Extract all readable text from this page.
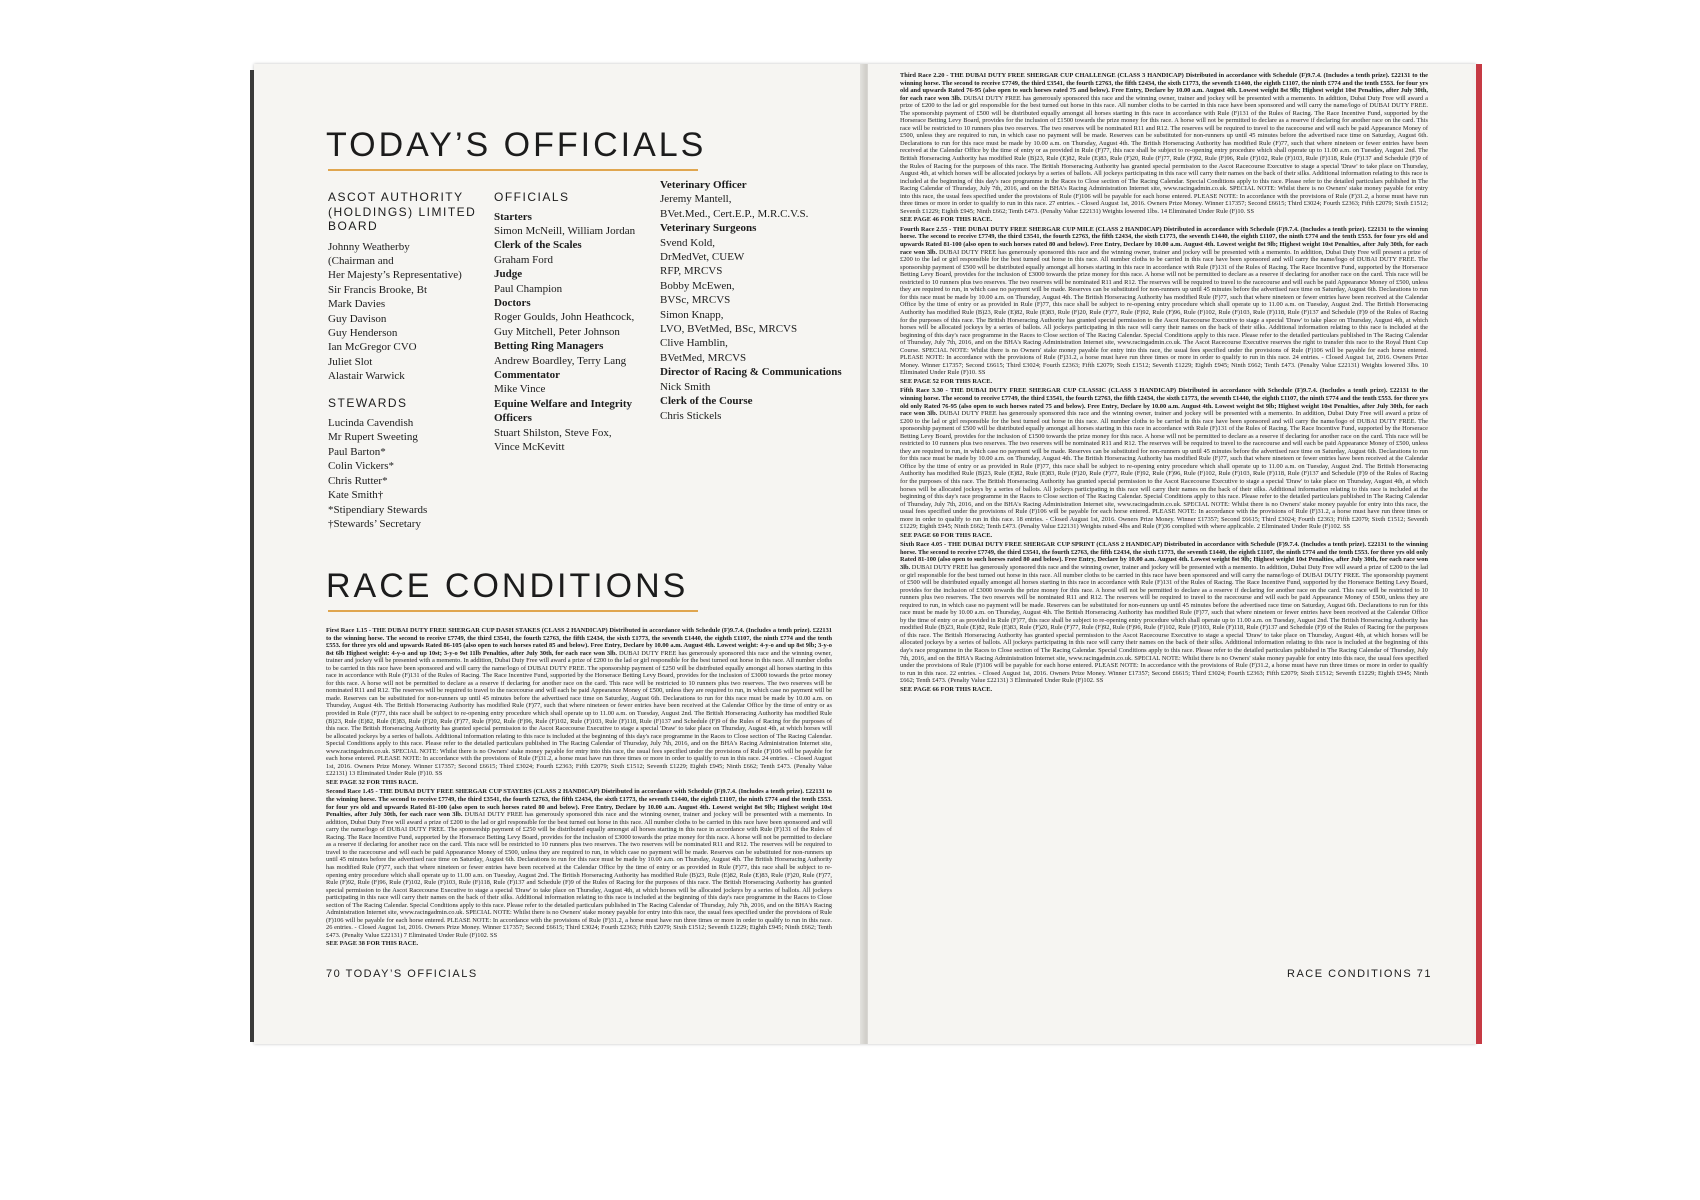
TODAY’S OFFICIALS
ASCOT AUTHORITY (HOLDINGS) LIMITED BOARD
Johnny Weatherby
(Chairman and
Her Majesty’s Representative)
Sir Francis Brooke, Bt
Mark Davies
Guy Davison
Guy Henderson
Ian McGregor CVO
Juliet Slot
Alastair Warwick
STEWARDS
Lucinda Cavendish
Mr Rupert Sweeting
Paul Barton*
Colin Vickers*
Chris Rutter*
Kate Smith†
*Stipendiary Stewards
†Stewards’ Secretary
OFFICIALS
Starters
Simon McNeill, William Jordan
Clerk of the Scales
Graham Ford
Judge
Paul Champion
Doctors
Roger Goulds, John Heathcock,
Guy Mitchell, Peter Johnson
Betting Ring Managers
Andrew Boardley, Terry Lang
Commentator
Mike Vince
Equine Welfare and Integrity Officers
Stuart Shilston, Steve Fox,
Vince McKevitt
Veterinary Officer
Jeremy Mantell,
BVet.Med., Cert.E.P., M.R.C.V.S.
Veterinary Surgeons
Svend Kold,
DrMedVet, CUEW
RFP, MRCVS
Bobby McEwen,
BVSc, MRCVS
Simon Knapp,
LVO, BVetMed, BSc, MRCVS
Clive Hamblin,
BVetMed, MRCVS
Director of Racing & Communications
Nick Smith
Clerk of the Course
Chris Stickels
RACE CONDITIONS

First Race 1.15 - THE DUBAI DUTY FREE SHERGAR CUP DASH STAKES (CLASS 2 HANDICAP) Distributed in accordance with Schedule (F)9.7.4. (Includes a tenth prize). £22131 to the winning horse. The second to receive £7749, the third £3541, the fourth £2763, the fifth £2434, the sixth £1773, the seventh £1440, the eighth £1107, the ninth £774 and the tenth £553. for three yrs old and upwards Rated 86-105 (also open to such horses rated 85 and below). Free Entry, Declare by 10.00 a.m. August 4th. Lowest weight: 4-y-o and up 8st 9lb; 3-y-o 8st 6lb Highest weight: 4-y-o and up 10st; 3-y-o 9st 11lb Penalties, after July 30th, for each race won 3lb. DUBAI DUTY FREE has generously sponsored this race and the winning owner, trainer and jockey will be presented with a memento. In addition, Dubai Duty Free will award a prize of £200 to the lad or girl responsible for the best turned out horse in this race. All number cloths to be carried in this race have been sponsored and will carry the name/logo of DUBAI DUTY FREE. The sponsorship payment of £250 will be distributed equally amongst all horses starting in this race in accordance with Rule (F)131 of the Rules of Racing. The Race Incentive Fund, supported by the Horserace Betting Levy Board, provides for the inclusion of £3000 towards the prize money for this race. A horse will not be permitted to declare as a reserve if declaring for another race on the card. This race will be restricted to 10 runners plus two reserves. The two reserves will be nominated R11 and R12. The reserves will be required to travel to the racecourse and will each be paid Appearance Money of £500, unless they are required to run, in which case no payment will be made. Reserves can be substituted for non-runners up until 45 minutes before the advertised race time on Saturday, August 6th. Declarations to run for this race must be made by 10.00 a.m. on Thursday, August 4th. The British Horseracing Authority has modified Rule (F)77, such that where nineteen or fewer entries have been received at the Calendar Office by the time of entry or as provided in Rule (F)77, this race shall be subject to re-opening entry procedure which shall operate up to 11.00 a.m. on Tuesday, August 2nd. The British Horseracing Authority has modified Rule (B)23, Rule (E)82, Rule (E)83, Rule (F)20, Rule (F)77, Rule (F)92, Rule (F)96, Rule (F)102, Rule (F)103, Rule (F)118, Rule (F)137 and Schedule (F)9 of the Rules of Racing for the purposes of this race. The British Horseracing Authority has granted special permission to the Ascot Racecourse Executive to stage a special 'Draw' to take place on Thursday, August 4th, at which horses will be allocated jockeys by a series of ballots. Additional information relating to this race is included at the beginning of this day's race programme in the Races to Close section of The Racing Calendar. Special Conditions apply to this race. Please refer to the detailed particulars published in The Racing Calendar of Thursday, July 7th, 2016, and on the BHA's Racing Administration Internet site, www.racingadmin.co.uk. SPECIAL NOTE: Whilst there is no Owners' stake money payable for entry into this race, the usual fees specified under the provisions of Rule (F)106 will be payable for each horse entered. PLEASE NOTE: In accordance with the provisions of Rule (F)31.2, a horse must have run three times or more in order to qualify to run in this race. 24 entries. - Closed August 1st, 2016. Owners Prize Money. Winner £17357; Second £6615; Third £3024; Fourth £2363; Fifth £2079; Sixth £1512; Seventh £1229; Eighth £945; Ninth £662; Tenth £473. (Penalty Value £22131) 13 Eliminated Under Rule (F)10. SS

SEE PAGE 32 FOR THIS RACE.

Second Race 1.45 - THE DUBAI DUTY FREE SHERGAR CUP STAYERS (CLASS 2 HANDICAP) Distributed in accordance with Schedule (F)9.7.4. (Includes a tenth prize). £22131 to the winning horse. The second to receive £7749, the third £3541, the fourth £2763, the fifth £2434, the sixth £1773, the seventh £1440, the eighth £1107, the ninth £774 and the tenth £553. for four yrs old and upwards Rated 81-100 (also open to such horses rated 80 and below). Free Entry, Declare by 10.00 a.m. August 4th. Lowest weight 8st 9lb; Highest weight 10st Penalties, after July 30th, for each race won 3lb. DUBAI DUTY FREE has generously sponsored this race and the winning owner, trainer and jockey will be presented with a memento. In addition, Dubai Duty Free will award a prize of £200 to the lad or girl responsible for the best turned out horse in this race. All number cloths to be carried in this race have been sponsored and will carry the name/logo of DUBAI DUTY FREE. The sponsorship payment of £250 will be distributed equally amongst all horses starting in this race in accordance with Rule (F)131 of the Rules of Racing. The Race Incentive Fund, supported by the Horserace Betting Levy Board, provides for the inclusion of £3000 towards the prize money for this race. A horse will not be permitted to declare as a reserve if declaring for another race on the card. This race will be restricted to 10 runners plus two reserves. The two reserves will be nominated R11 and R12. The reserves will be required to travel to the racecourse and will each be paid Appearance Money of £500, unless they are required to run, in which case no payment will be made. Reserves can be substituted for non-runners up until 45 minutes before the advertised race time on Saturday, August 6th. Declarations to run for this race must be made by 10.00 a.m. on Thursday, August 4th. The British Horseracing Authority has modified Rule (F)77, such that where nineteen or fewer entries have been received at the Calendar Office by the time of entry or as provided in Rule (F)77, this race shall be subject to re-opening entry procedure which shall operate up to 11.00 a.m. on Tuesday, August 2nd. The British Horseracing Authority has modified Rule (B)23, Rule (E)82, Rule (E)83, Rule (F)20, Rule (F)77, Rule (F)92, Rule (F)96, Rule (F)102, Rule (F)103, Rule (F)118, Rule (F)137 and Schedule (F)9 of the Rules of Racing for the purposes of this race. The British Horseracing Authority has granted special permission to the Ascot Racecourse Executive to stage a special 'Draw' to take place on Thursday, August 4th, at which horses will be allocated jockeys by a series of ballots. All jockeys participating in this race will carry their names on the back of their silks. Additional information relating to this race is included at the beginning of this day's race programme in the Races to Close section of The Racing Calendar. Special Conditions apply to this race. Please refer to the detailed particulars published in The Racing Calendar of Thursday, July 7th, 2016, and on the BHA's Racing Administration Internet site, www.racingadmin.co.uk. SPECIAL NOTE: Whilst there is no Owners' stake money payable for entry into this race, the usual fees specified under the provisions of Rule (F)106 will be payable for each horse entered. PLEASE NOTE: In accordance with the provisions of Rule (F)31.2, a horse must have run three times or more in order to qualify to run in this race. 26 entries. - Closed August 1st, 2016. Owners Prize Money. Winner £17357; Second £6615; Third £3024; Fourth £2363; Fifth £2079; Sixth £1512; Seventh £1229; Eighth £945; Ninth £662; Tenth £473. (Penalty Value £22131) 7 Eliminated Under Rule (F)102. SS

SEE PAGE 38 FOR THIS RACE.
70 TODAY’S OFFICIALS

Third Race 2.20 - THE DUBAI DUTY FREE SHERGAR CUP CHALLENGE (CLASS 3 HANDICAP) Distributed in accordance with Schedule (F)9.7.4. (Includes a tenth prize). £22131 to the winning horse. The second to receive £7749, the third £3541, the fourth £2763, the fifth £2434, the sixth £1773, the seventh £1440, the eighth £1107, the ninth £774 and the tenth £553. for four yrs old and upwards Rated 76-95 (also open to such horses rated 75 and below). Free Entry, Declare by 10.00 a.m. August 4th. Lowest weight 8st 9lb; Highest weight 10st Penalties, after July 30th, for each race won 3lb. DUBAI DUTY FREE has generously sponsored this race and the winning owner, trainer and jockey will be presented with a memento. In addition, Dubai Duty Free will award a prize of £200 to the lad or girl responsible for the best turned out horse in this race. All number cloths to be carried in this race have been sponsored and will carry the name/logo of DUBAI DUTY FREE. The sponsorship payment of £500 will be distributed equally amongst all horses starting in this race in accordance with Rule (F)131 of the Rules of Racing. The Race Incentive Fund, supported by the Horserace Betting Levy Board, provides for the inclusion of £1500 towards the prize money for this race. A horse will not be permitted to declare as a reserve if declaring for another race on the card. This race will be restricted to 10 runners plus two reserves. The two reserves will be nominated R11 and R12. The reserves will be required to travel to the racecourse and will each be paid Appearance Money of £500, unless they are required to run, in which case no payment will be made. Reserves can be substituted for non-runners up until 45 minutes before the advertised race time on Saturday, August 6th. Declarations to run for this race must be made by 10.00 a.m. on Thursday, August 4th. The British Horseracing Authority has modified Rule (F)77, such that where nineteen or fewer entries have been received at the Calendar Office by the time of entry or as provided in Rule (F)77, this race shall be subject to re-opening entry procedure which shall operate up to 11.00 a.m. on Tuesday, August 2nd. The British Horseracing Authority has modified Rule (B)23, Rule (E)82, Rule (E)83, Rule (F)20, Rule (F)77, Rule (F)92, Rule (F)96, Rule (F)102, Rule (F)103, Rule (F)118, Rule (F)137 and Schedule (F)9 of the Rules of Racing for the purposes of this race. The British Horseracing Authority has granted special permission to the Ascot Racecourse Executive to stage a special 'Draw' to take place on Thursday, August 4th, at which horses will be allocated jockeys by a series of ballots. All jockeys participating in this race will carry their names on the back of their silks. Additional information relating to this race is included at the beginning of this day's race programme in the Races to Close section of The Racing Calendar. Special Conditions apply to this race. Please refer to the detailed particulars published in The Racing Calendar of Thursday, July 7th, 2016, and on the BHA's Racing Administration Internet site, www.racingadmin.co.uk. SPECIAL NOTE: Whilst there is no Owners' stake money payable for entry into this race, the usual fees specified under the provisions of Rule (F)106 will be payable for each horse entered. PLEASE NOTE: In accordance with the provisions of Rule (F)31.2, a horse must have run three times or more in order to qualify to run in this race. 27 entries. - Closed August 1st, 2016. Owners Prize Money. Winner £17357; Second £6615; Third £3024; Fourth £2363; Fifth £2079; Sixth £1512; Seventh £1229; Eighth £945; Ninth £662; Tenth £473. (Penalty Value £22131) Weights lowered 1lbs. 14 Eliminated Under Rule (F)10. SS

SEE PAGE 46 FOR THIS RACE.

Fourth Race 2.55 - THE DUBAI DUTY FREE SHERGAR CUP MILE (CLASS 2 HANDICAP) Distributed in accordance with Schedule (F)9.7.4. (Includes a tenth prize). £22131 to the winning horse. The second to receive £7749, the third £3541, the fourth £2763, the fifth £2434, the sixth £1773, the seventh £1440, the eighth £1107, the ninth £774 and the tenth £553. for four yrs old and upwards Rated 81-100 (also open to such horses rated 80 and below). Free Entry, Declare by 10.00 a.m. August 4th. Lowest weight 8st 9lb; Highest weight 10st Penalties, after July 30th, for each race won 3lb. DUBAI DUTY FREE has generously sponsored this race and the winning owner, trainer and jockey will be presented with a memento. In addition, Dubai Duty Free will present a prize of £200 to the lad or girl responsible for the best turned out horse in this race. All number cloths to be carried in this race have been sponsored and will carry the name/logo of DUBAI DUTY FREE. The sponsorship payment of £500 will be distributed equally amongst all horses starting in this race in accordance with Rule (F)131 of the Rules of Racing. The Race Incentive Fund, supported by the Horserace Betting Levy Board, provides for the inclusion of £3000 towards the prize money for this race. A horse will not be permitted to declare as a reserve if declaring for another race on the card. This race will be restricted to 10 runners plus two reserves. The two reserves will be nominated R11 and R12. The reserves will be required to travel to the racecourse and will each be paid Appearance Money of £500, unless they are required to run, in which case no payment will be made. Reserves can be substituted for non-runners up until 45 minutes before the advertised race time on Saturday, August 6th. Declarations to run for this race must be made by 10.00 a.m. on Thursday, August 4th. The British Horseracing Authority has modified Rule (F)77, such that where nineteen or fewer entries have been received at the Calendar Office by the time of entry or as provided in Rule (F)77, this race shall be subject to re-opening entry procedure which shall operate up to 11.00 a.m. on Tuesday, August 2nd. The British Horseracing Authority has modified Rule (B)23, Rule (E)82, Rule (E)83, Rule (F)20, Rule (F)77, Rule (F)92, Rule (F)96, Rule (F)102, Rule (F)103, Rule (F)118, Rule (F)137 and Schedule (F)9 of the Rules of Racing for the purposes of this race. The British Horseracing Authority has granted special permission to the Ascot Racecourse Executive to stage a special 'Draw' to take place on Thursday, August 4th, at which horses will be allocated jockeys by a series of ballots. All jockeys participating in this race will carry their names on the back of their silks. Additional information relating to this race is included at the beginning of this day's race programme in the Races to Close section of The Racing Calendar. Special Conditions apply to this race. Please refer to the detailed particulars published in The Racing Calendar of Thursday, July 7th, 2016, and on the BHA's Racing Administration Internet site, www.racingadmin.co.uk. The Ascot Racecourse Executive reserves the right to transfer this race to the Royal Hunt Cup Course. SPECIAL NOTE: Whilst there is no Owners' stake money payable for entry into this race, the usual fees specified under the provisions of Rule (F)106 will be payable for each horse entered. PLEASE NOTE: In accordance with the provisions of Rule (F)31.2, a horse must have run three times or more in order to qualify to run in this race. 24 entries. - Closed August 1st, 2016. Owners Prize Money. Winner £17357; Second £6615; Third £3024; Fourth £2363; Fifth £2079; Sixth £1512; Seventh £1229; Eighth £945; Ninth £662; Tenth £473. (Penalty Value £22131) Weights lowered 3lbs. 10 Eliminated Under Rule (F)10. SS

SEE PAGE 52 FOR THIS RACE.

Fifth Race 3.30 - THE DUBAI DUTY FREE SHERGAR CUP CLASSIC (CLASS 3 HANDICAP) Distributed in accordance with Schedule (F)9.7.4. (Includes a tenth prize). £22131 to the winning horse. The second to receive £7749, the third £3541, the fourth £2763, the fifth £2434, the sixth £1773, the seventh £1440, the eighth £1107, the ninth £774 and the tenth £553. for three yrs old only Rated 76-95 (also open to such horses rated 75 and below). Free Entry, Declare by 10.00 a.m. August 4th. Lowest weight 8st 9lb; Highest weight 10st Penalties, after July 30th, for each race won 3lb. DUBAI DUTY FREE has generously sponsored this race and the winning owner, trainer and jockey will be presented with a memento. In addition, Dubai Duty Free will award a prize of £200 to the lad or girl responsible for the best turned out horse in this race. All number cloths to be carried in this race have been sponsored and will carry the name/logo of DUBAI DUTY FREE. The sponsorship payment of £500 will be distributed equally amongst all horses starting in this race in accordance with Rule (F)131 of the Rules of Racing. The Race Incentive Fund, supported by the Horserace Betting Levy Board, provides for the inclusion of £1500 towards the prize money for this race. A horse will not be permitted to declare as a reserve if declaring for another race on the card. This race will be restricted to 10 runners plus two reserves. The two reserves will be nominated R11 and R12. The reserves will be required to travel to the racecourse and will each be paid Appearance Money of £500, unless they are required to run, in which case no payment will be made. Reserves can be substituted for non-runners up until 45 minutes before the advertised race time on Saturday, August 6th. Declarations to run for this race must be made by 10.00 a.m. on Thursday, August 4th. The British Horseracing Authority has modified Rule (F)77, such that where nineteen or fewer entries have been received at the Calendar Office by the time of entry or as provided in Rule (F)77, this race shall be subject to re-opening entry procedure which shall operate up to 11.00 a.m. on Tuesday, August 2nd. The British Horseracing Authority has modified Rule (B)23, Rule (E)82, Rule (E)83, Rule (F)20, Rule (F)77, Rule (F)92, Rule (F)96, Rule (F)102, Rule (F)103, Rule (F)118, Rule (F)137 and Schedule (F)9 of the Rules of Racing for the purposes of this race. The British Horseracing Authority has granted special permission to the Ascot Racecourse Executive to stage a special 'Draw' to take place on Thursday, August 4th, at which horses will be allocated jockeys by a series of ballots. All jockeys participating in this race will carry their names on the back of their silks. Additional information relating to this race is included at the beginning of this day's race programme in the Races to Close section of The Racing Calendar. Special Conditions apply to this race. Please refer to the detailed particulars published in The Racing Calendar of Thursday, July 7th, 2016, and on the BHA's Racing Administration Internet site, www.racingadmin.co.uk. SPECIAL NOTE: Whilst there is no Owners' stake money payable for entry into this race, the usual fees specified under the provisions of Rule (F)106 will be payable for each horse entered. PLEASE NOTE: In accordance with the provisions of Rule (F)31.2, a horse must have run three times or more in order to qualify to run in this race. 18 entries. - Closed August 1st, 2016. Owners Prize Money. Winner £17357; Second £6615; Third £3024; Fourth £2363; Fifth £2079; Sixth £1512; Seventh £1229; Eighth £945; Ninth £662; Tenth £473. (Penalty Value £22131) Weights raised 4lbs and Rule (F)36 complied with where applicable. 2 Eliminated Under Rule (F)102. SS

SEE PAGE 60 FOR THIS RACE.

Sixth Race 4.05 - THE DUBAI DUTY FREE SHERGAR CUP SPRINT (CLASS 2 HANDICAP) Distributed in accordance with Schedule (F)9.7.4. (Includes a tenth prize). £22131 to the winning horse. The second to receive £7749, the third £3541, the fourth £2763, the fifth £2434, the sixth £1773, the seventh £1440, the eighth £1107, the ninth £774 and the tenth £553. for three yrs old only Rated 81-100 (also open to such horses rated 80 and below). Free Entry, Declare by 10.00 a.m. August 4th. Lowest weight 8st 9lb; Highest weight 10st Penalties, after July 30th, for each race won 3lb. DUBAI DUTY FREE has generously sponsored this race and the winning owner, trainer and jockey will be presented with a memento. In addition, Dubai Duty Free will award a prize of £200 to the lad or girl responsible for the best turned out horse in this race. All number cloths to be carried in this race have been sponsored and will carry the name/logo of DUBAI DUTY FREE. The sponsorship payment of £500 will be distributed equally amongst all horses starting in this race in accordance with Rule (F)131 of the Rules of Racing. The Race Incentive Fund, supported by the Horserace Betting Levy Board, provides for the inclusion of £3000 towards the prize money for this race. A horse will not be permitted to declare as a reserve if declaring for another race on the card. This race will be restricted to 10 runners plus two reserves. The two reserves will be nominated R11 and R12. The reserves will be required to travel to the racecourse and will each be paid Appearance Money of £500, unless they are required to run, in which case no payment will be made. Reserves can be substituted for non-runners up until 45 minutes before the advertised race time on Saturday, August 6th. Declarations to run for this race must be made by 10.00 a.m. on Thursday, August 4th. The British Horseracing Authority has modified Rule (F)77, such that where nineteen or fewer entries have been received at the Calendar Office by the time of entry or as provided in Rule (F)77, this race shall be subject to re-opening entry procedure which shall operate up to 11.00 a.m. on Tuesday, August 2nd. The British Horseracing Authority has modified Rule (B)23, Rule (E)82, Rule (E)83, Rule (F)20, Rule (F)77, Rule (F)92, Rule (F)96, Rule (F)102, Rule (F)103, Rule (F)118, Rule (F)137 and Schedule (F)9 of the Rules of Racing for the purposes of this race. The British Horseracing Authority has granted special permission to the Ascot Racecourse Executive to stage a special 'Draw' to take place on Thursday, August 4th, at which horses will be allocated jockeys by a series of ballots. All jockeys participating in this race will carry their names on the back of their silks. Additional information relating to this race is included at the beginning of this day's race programme in the Races to Close section of The Racing Calendar. Special Conditions apply to this race. Please refer to the detailed particulars published in The Racing Calendar of Thursday, July 7th, 2016, and on the BHA's Racing Administration Internet site, www.racingadmin.co.uk. SPECIAL NOTE: Whilst there is no Owners' stake money payable for entry into this race, the usual fees specified under the provisions of Rule (F)106 will be payable for each horse entered. PLEASE NOTE: In accordance with the provisions of Rule (F)31.2, a horse must have run three times or more in order to qualify to run in this race. 22 entries. - Closed August 1st, 2016. Owners Prize Money. Winner £17357; Second £6615; Third £3024; Fourth £2363; Fifth £2079; Sixth £1512; Seventh £1229; Eighth £945; Ninth £662; Tenth £473. (Penalty Value £22131) 3 Eliminated Under Rule (F)102. SS

SEE PAGE 66 FOR THIS RACE.
RACE CONDITIONS 71
